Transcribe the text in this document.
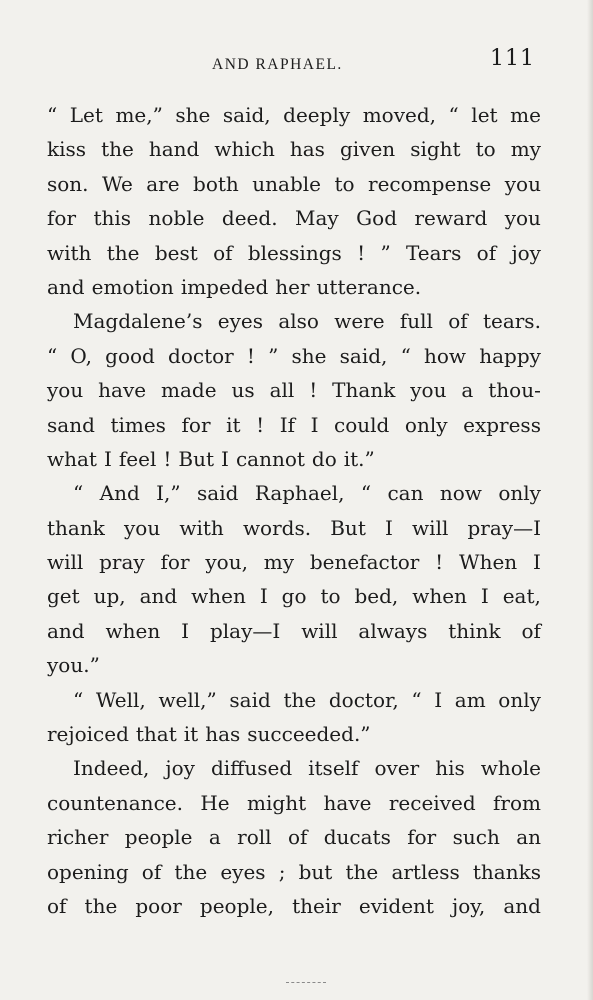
AND RAPHAEL.	111
“ Let me,” she said, deeply moved, “ let me
kiss the hand which has given sight to my
son. We are both unable to recompense you
for this noble deed. May God reward you
with the best of blessings ! ” Tears of joy
and emotion impeded her utterance.
Magdalene’s eyes also were full of tears.
“ O, good doctor ! ” she said, “ how happy
you have made us all ! Thank you a thou-
sand times for it ! If I could only express
what I feel ! But I cannot do it.”
“ And I,” said Raphael, “ can now only
thank you with words. But I will pray—I
will pray for you, my benefactor ! When I
get up, and when I go to bed, when I eat,
and when I play—I will always think of
you.”
“ Well, well,” said the doctor, “ I am only
rejoiced that it has succeeded.”
Indeed, joy diffused itself over his whole
countenance. He might have received from
richer people a roll of ducats for such an
opening of the eyes ; but the artless thanks
of the poor people, their evident joy, and
